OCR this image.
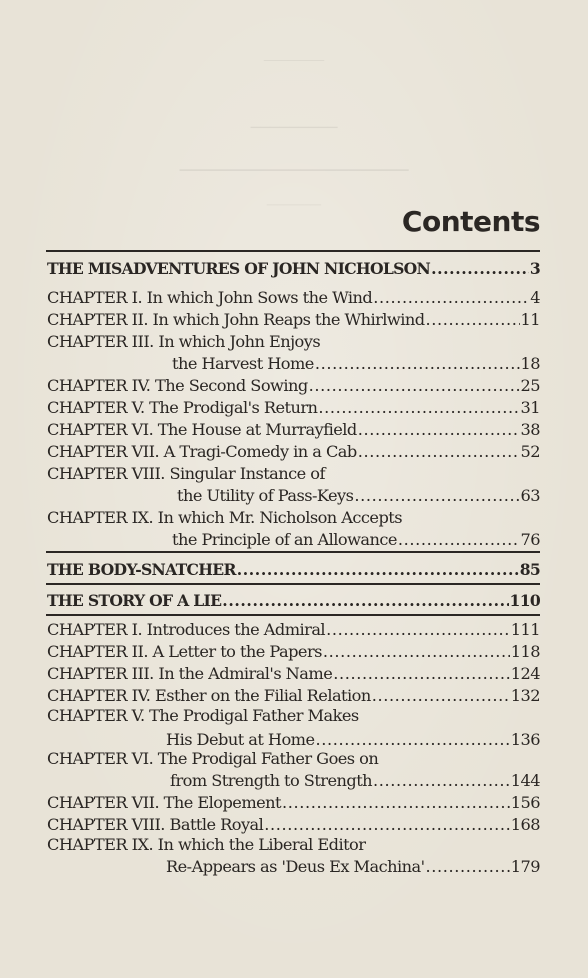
──────────
─────────
───────────────────
──────────	Contents
THE MISADVENTURES OF JOHN NICHOLSON .....	3
CHAPTER I. In which John Sows the Wind .....	4
CHAPTER II. In which John Reaps the Whirlwind .....	11
CHAPTER III. In which John Enjoys
the Harvest Home .....	18
CHAPTER IV. The Second Sowing .....	25
CHAPTER V. The Prodigal's Return .....	31
CHAPTER VI. The House at Murrayfield .....	38
CHAPTER VII. A Tragi-Comedy in a Cab .....	52
CHAPTER VIII. Singular Instance of
the Utility of Pass-Keys .....	63
CHAPTER IX. In which Mr. Nicholson Accepts
the Principle of an Allowance .....	76
THE BODY-SNATCHER .....	85
THE STORY OF A LIE .....	110
CHAPTER I. Introduces the Admiral .....	111
CHAPTER II. A Letter to the Papers .....	118
CHAPTER III. In the Admiral's Name .....	124
CHAPTER IV. Esther on the Filial Relation .....	132
CHAPTER V. The Prodigal Father Makes
His Debut at Home .....	136
CHAPTER VI. The Prodigal Father Goes on
from Strength to Strength .....	144
CHAPTER VII. The Elopement .....	156
CHAPTER VIII. Battle Royal .....	168
CHAPTER IX. In which the Liberal Editor
Re-Appears as 'Deus Ex Machina' .....	179
